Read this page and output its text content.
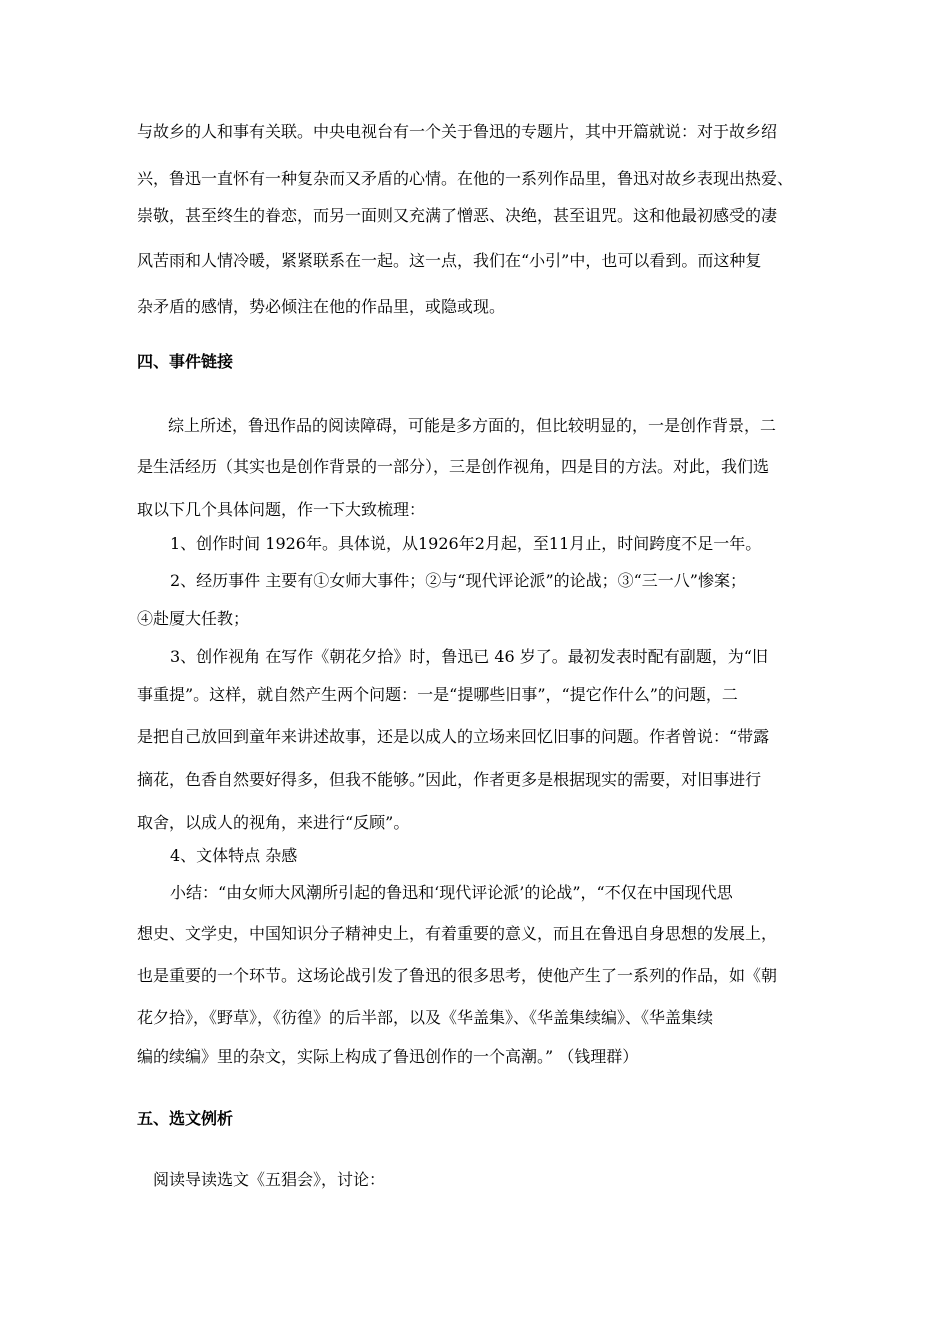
与故乡的人和事有关联。中央电视台有一个关于鲁迅的专题片，其中开篇就说：对于故乡绍
兴，鲁迅一直怀有一种复杂而又矛盾的心情。在他的一系列作品里，鲁迅对故乡表现出热爱、
崇敬，甚至终生的眷恋，而另一面则又充满了憎恶、决绝，甚至诅咒。这和他最初感受的凄
风苦雨和人情冷暖，紧紧联系在一起。这一点，我们在“小引”中，也可以看到。而这种复
杂矛盾的感情，势必倾注在他的作品里，或隐或现。
四、事件链接
综上所述，鲁迅作品的阅读障碍，可能是多方面的，但比较明显的，一是创作背景，二
是生活经历（其实也是创作背景的一部分），三是创作视角，四是目的方法。对此，我们选
取以下几个具体问题，作一下大致梳理：
1、创作时间 1926年。具体说，从1926年2月起，至11月止，时间跨度不足一年。
2、经历事件 主要有①女师大事件；②与“现代评论派”的论战；③“三一八”惨案；
④赴厦大任教；
3、创作视角 在写作《朝花夕拾》时，鲁迅已 46 岁了。最初发表时配有副题，为“旧
事重提”。这样，就自然产生两个问题：一是“提哪些旧事”，“提它作什么”的问题，二
是把自己放回到童年来讲述故事，还是以成人的立场来回忆旧事的问题。作者曾说：“带露
摘花，色香自然要好得多，但我不能够。”因此，作者更多是根据现实的需要，对旧事进行
取舍，以成人的视角，来进行“反顾”。
4、文体特点 杂感
小结：“由女师大风潮所引起的鲁迅和‘现代评论派’的论战”，“不仅在中国现代思
想史、文学史，中国知识分子精神史上，有着重要的意义，而且在鲁迅自身思想的发展上，
也是重要的一个环节。这场论战引发了鲁迅的很多思考，使他产生了一系列的作品，如《朝
花夕拾》，《野草》，《彷徨》的后半部，以及《华盖集》、《华盖集续编》、《华盖集续
编的续编》里的杂文，实际上构成了鲁迅创作的一个高潮。” （钱理群）
五、选文例析
阅读导读选文《五猖会》，讨论：
